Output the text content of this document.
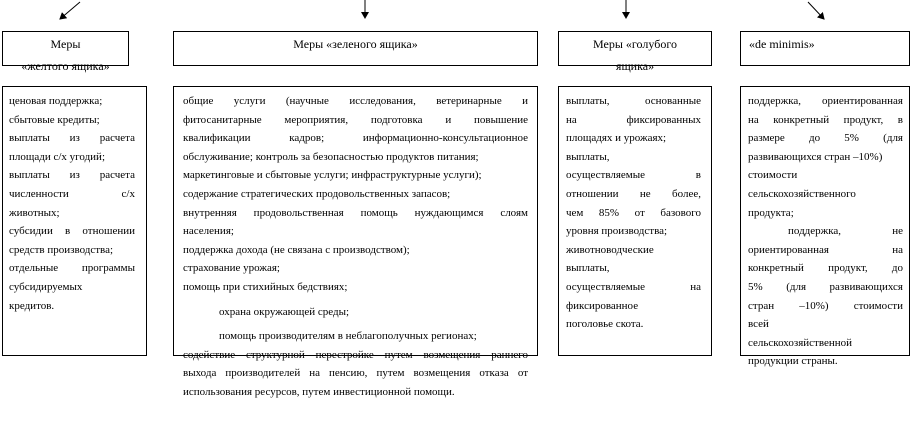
Меры
«желтого ящика»
Меры «зеленого ящика»	Меры «голубого
ящика»
«de minimis»
ценовая поддержка;
сбытовые кредиты;
выплаты из расчета
площади с/х угодий;
выплаты из расчета
численности с/х
животных;
субсидии в отношении
средств производства;
отдельные программы
субсидируемых
кредитов.
общие услуги (научные исследования, ветеринарные и
фитосанитарные мероприятия, подготовка и повышение
квалификации кадров; информационно-консультационное
обслуживание; контроль за безопасностью продуктов питания;
маркетинговые и сбытовые услуги; инфраструктурные услуги);
содержание стратегических продовольственных запасов;
внутренняя продовольственная помощь нуждающимся слоям
населения;
поддержка дохода (не связана с производством);
страхование урожая;
помощь при стихийных бедствиях;
охрана окружающей среды;
помощь производителям в неблагополучных регионах;
содействие структурной перестройке путем возмещения раннего
выхода производителей на пенсию, путем возмещения отказа от
использования ресурсов, путем инвестиционной помощи.
выплаты, основанные
на фиксированных
площадях и урожаях;
выплаты,
осуществляемые в
отношении не более,
чем 85% от базового
уровня производства;
животноводческие
выплаты,
осуществляемые на
фиксированное
поголовье скота.
поддержка, ориентированная
на конкретный продукт, в
размере до 5% (для
развивающихся стран –10%)
стоимости
сельскохозяйственного
продукта;
поддержка, не
ориентированная на
конкретный продукт, до
5% (для развивающихся
стран –10%) стоимости
всей
сельскохозяйственной
продукции страны.
